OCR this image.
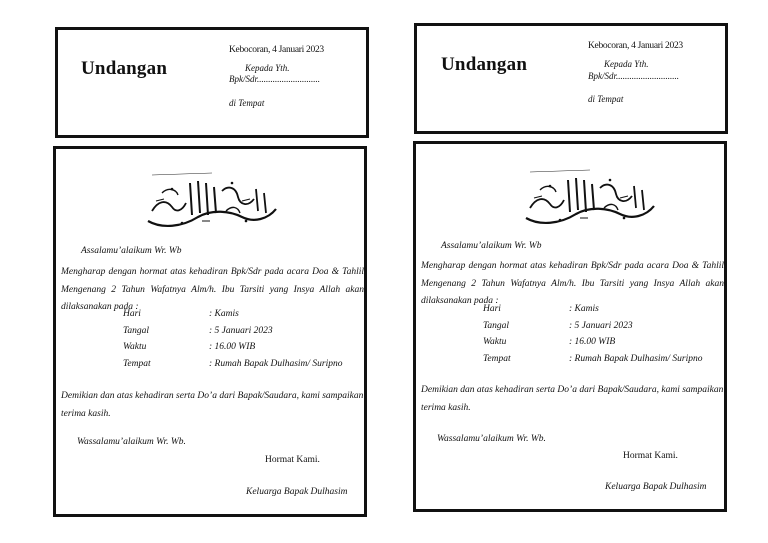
Undangan
Kebocoran, 4 Januari 2023
Kepada Yth.
Bpk/Sdr............................
di Tempat
Undangan
Kebocoran, 4 Januari 2023
Kepada Yth.
Bpk/Sdr............................
di Tempat
Assalamu’alaikum Wr. Wb
Mengharap dengan hormat atas kehadiran Bpk/Sdr pada acara Doa & Tahlil Mengenang 2 Tahun Wafatnya Alm/h. Ibu Tarsiti yang Insya Allah akan dilaksanakan pada :
Hari	: Kamis
Tangal	: 5 Januari 2023
Waktu	: 16.00 WIB
Tempat	: Rumah Bapak Dulhasim/ Suripno
Demikian dan atas kehadiran serta Do’a dari Bapak/Saudara, kami sampaikan terima kasih.
Wassalamu’alaikum Wr. Wb.
Hormat Kami.
Keluarga Bapak Dulhasim
Assalamu’alaikum Wr. Wb
Mengharap dengan hormat atas kehadiran Bpk/Sdr pada acara Doa & Tahlil Mengenang 2 Tahun Wafatnya Alm/h. Ibu Tarsiti yang Insya Allah akan dilaksanakan pada :
Hari	: Kamis
Tangal	: 5 Januari 2023
Waktu	: 16.00 WIB
Tempat	: Rumah Bapak Dulhasim/ Suripno
Demikian dan atas kehadiran serta Do’a dari Bapak/Saudara, kami sampaikan terima kasih.
Wassalamu’alaikum Wr. Wb.
Hormat Kami.
Keluarga Bapak Dulhasim
